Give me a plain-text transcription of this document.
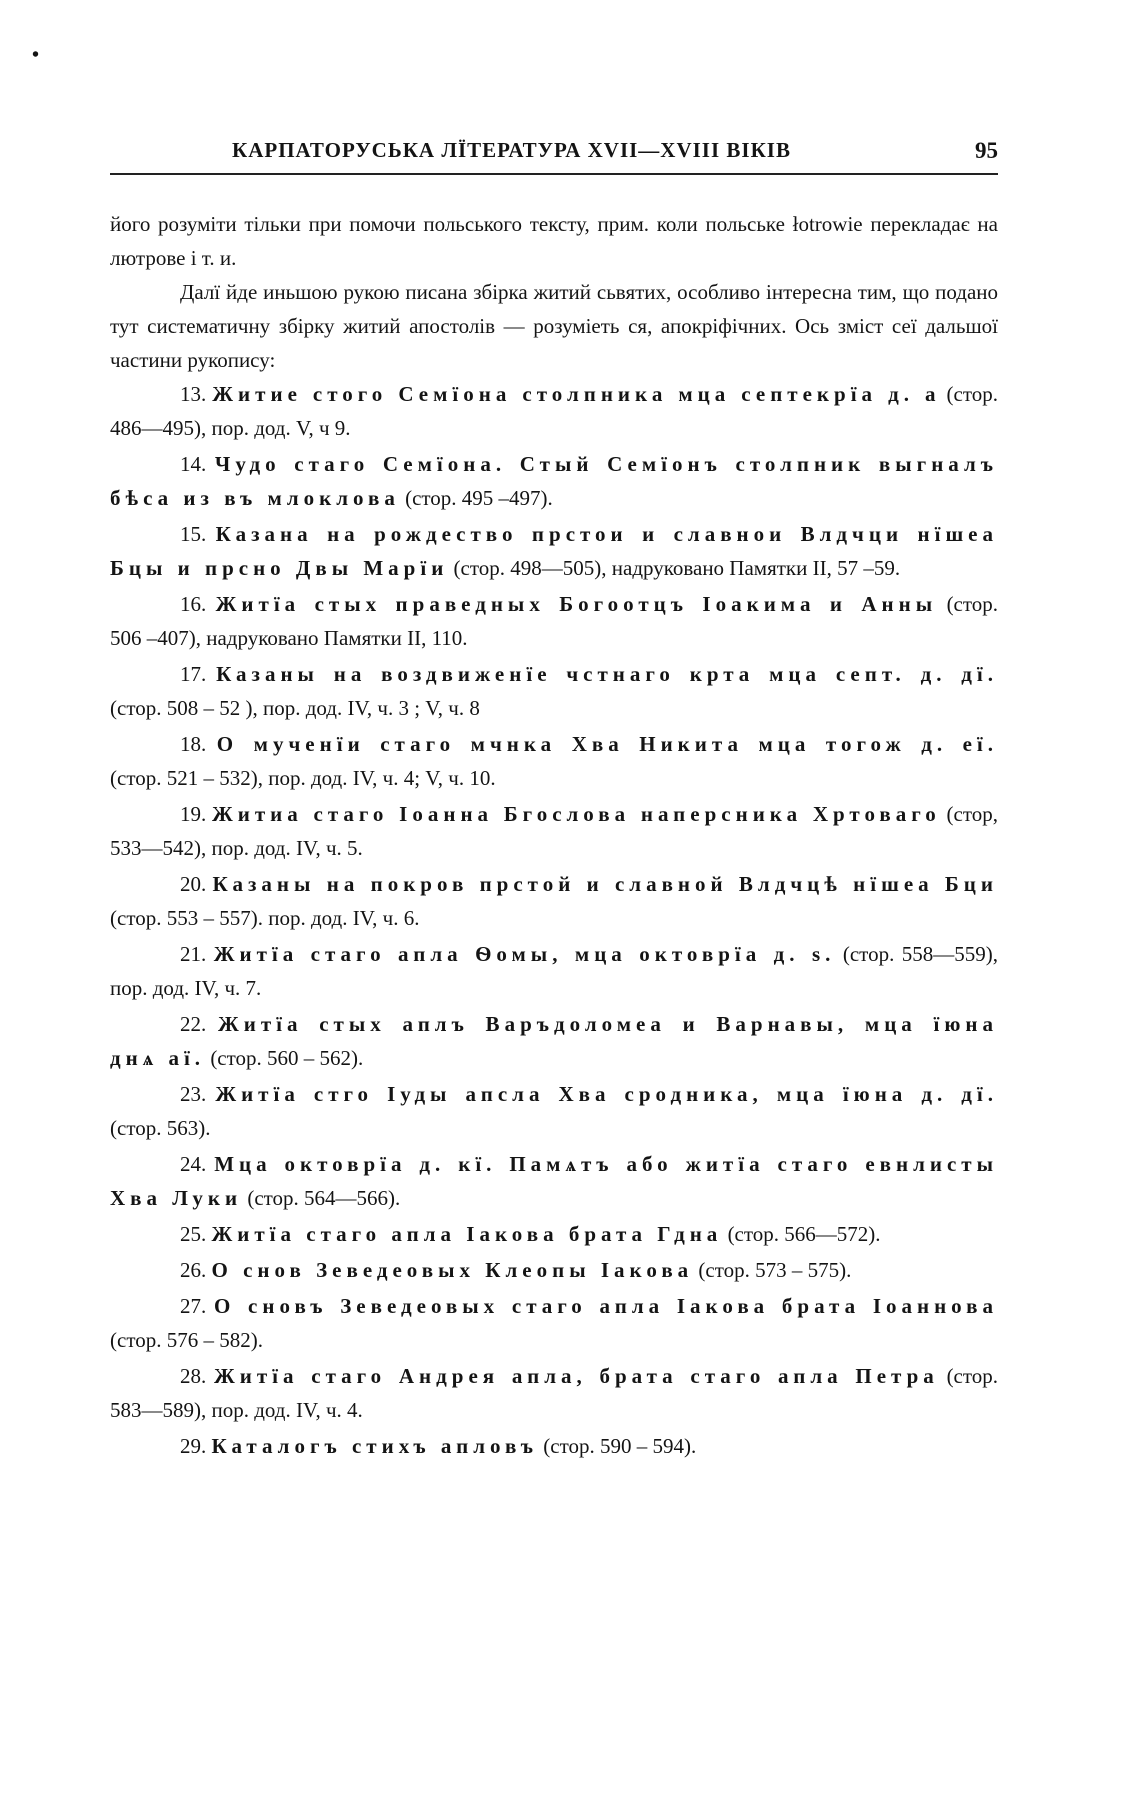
•
КАРПАТОРУСЬКА ЛЇТЕРАТУРА XVII—XVIII ВІКІВ	95

його розуміти тільки при помочи польського тексту, прим. коли польське łotrowie перекладає на лютрове і т. и.

Далї йде иньшою рукою писана збірка житий сьвятих, особливо інтересна тим, що подано тут систематичну збірку житий апостолів — розуміеть ся, апокріфічних. Ось зміст сеї дальшої частини рукопису:

13. Житие стого Семїона столпника мца септекрїа д. а (стор. 486—495), пор. дод. V, ч 9.

14. Чудо стаго Семїона. Стый Семїонъ столпник выгналъ бѣса из въ млоклова (стор. 495 –497).

15. Казана на рождество прстои и славнои Влдчци нїшеа Бцы и прсно Двы Марїи (стор. 498—505), надруковано Памятки II, 57 –59.

16. Житїа стых праведных Богоотцъ Іоакима и Анны (стор. 506 –407), надруковано Памятки II, 110.

17. Казаны на воздвиженїе чстнаго крта мца септ. д. дї. (стор. 508 – 52 ), пор. дод. IV, ч. 3 ; V, ч. 8

18. О мученїи стаго мчнка Хва Никита мца тогож д. еї. (стор. 521 – 532), пор. дод. IV, ч. 4; V, ч. 10.

19. Житиа стаго Іоанна Бгослова наперсника Хртоваго (стор, 533—542), пор. дод. IV, ч. 5.

20. Казаны на покров прстой и славной Влдчцѣ нїшеа Бци (стор. 553 – 557). пор. дод. IV, ч. 6.

21. Житїа стаго апла Ѳомы, мца октоврїа д. ѕ. (стор. 558—559), пор. дод. IV, ч. 7.

22. Житїа стых аплъ Варъдоломеа и Варнавы, мца їюна днѧ аї. (стор. 560 – 562).

23. Житїа стго Іуды апсла Хва сродника, мца їюна д. дї. (стор. 563).

24. Мца октоврїа д. кї. Памѧтъ або житїа стаго евнлисты Хва Луки (стор. 564—566).

25. Житїа стаго апла Іакова брата Гдна (стор. 566—572).

26. О снов Зеведеовых Клеопы Іакова (стор. 573 – 575).

27. О сновъ Зеведеовых стаго апла Іакова брата Іоаннова (стор. 576 – 582).

28. Житїа стаго Андрея апла, брата стаго апла Петра (стор. 583—589), пор. дод. IV, ч. 4.

29. Каталогъ стихъ апловъ (стор. 590 – 594).
